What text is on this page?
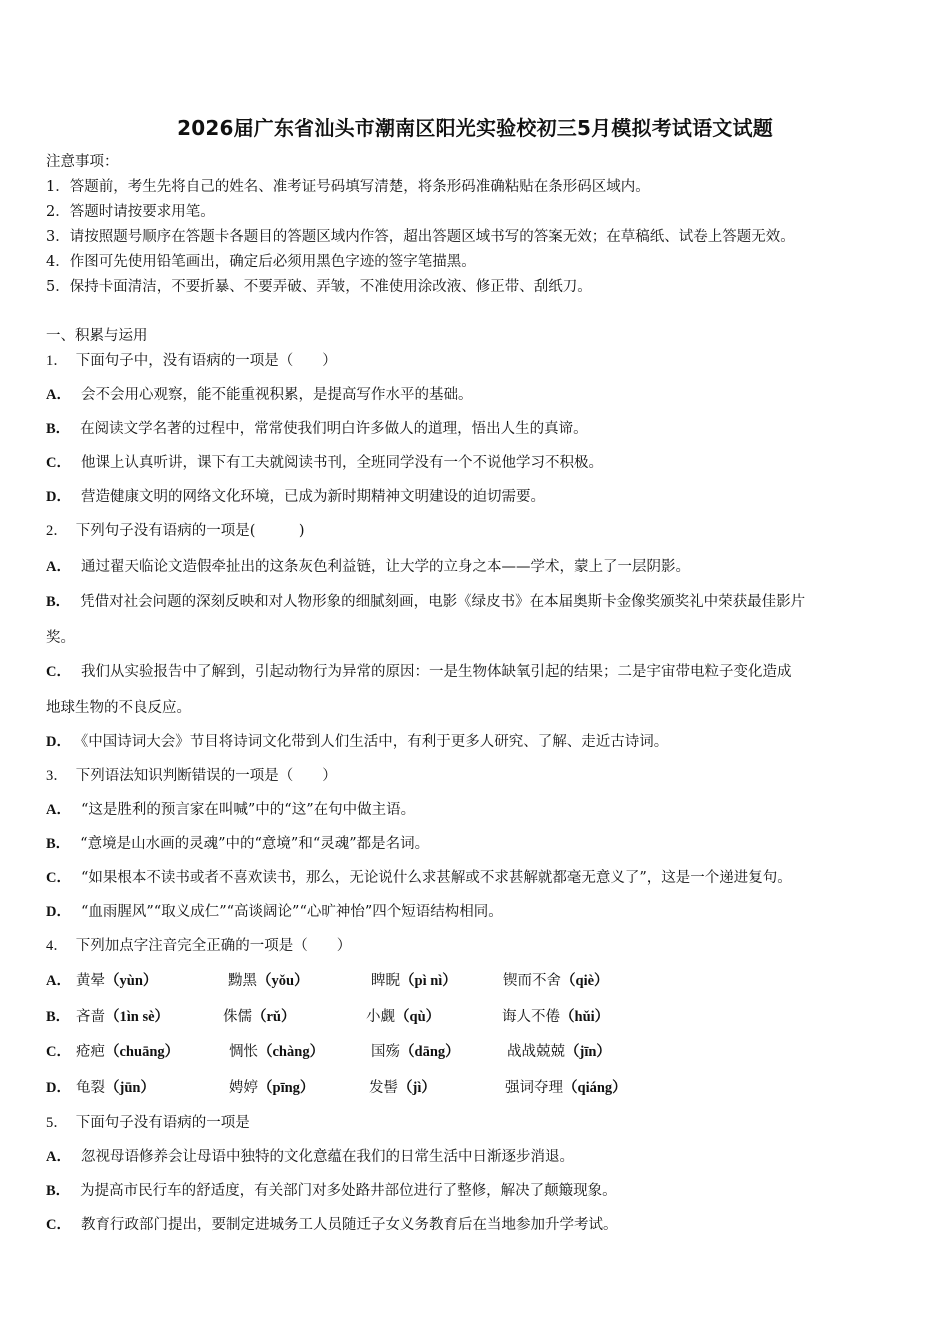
2026届广东省汕头市潮南区阳光实验校初三5月模拟考试语文试题
注意事项：
1．答题前，考生先将自己的姓名、准考证号码填写清楚，将条形码准确粘贴在条形码区域内。
2．答题时请按要求用笔。
3．请按照题号顺序在答题卡各题目的答题区域内作答，超出答题区域书写的答案无效；在草稿纸、试卷上答题无效。
4．作图可先使用铅笔画出，确定后必须用黑色字迹的签字笔描黑。
5．保持卡面清洁，不要折暴、不要弄破、弄皱，不准使用涂改液、修正带、刮纸刀。
一、积累与运用
1． 下面句子中，没有语病的一项是（　　）
A． 会不会用心观察，能不能重视积累，是提高写作水平的基础。
B． 在阅读文学名著的过程中，常常使我们明白许多做人的道理，悟出人生的真谛。
C． 他课上认真听讲，课下有工夫就阅读书刊，全班同学没有一个不说他学习不积极。
D． 营造健康文明的网络文化环境，已成为新时期精神文明建设的迫切需要。
2． 下列句子没有语病的一项是(　　　)
A． 通过翟天临论文造假牵扯出的这条灰色利益链，让大学的立身之本——学术，蒙上了一层阴影。
B． 凭借对社会问题的深刻反映和对人物形象的细腻刻画，电影《绿皮书》在本届奥斯卡金像奖颁奖礼中荣获最佳影片
奖。
C． 我们从实验报告中了解到，引起动物行为异常的原因：一是生物体缺氧引起的结果；二是宇宙带电粒子变化造成
地球生物的不良反应。
D． 《中国诗词大会》节目将诗词文化带到人们生活中，有利于更多人研究、了解、走近古诗词。
3． 下列语法知识判断错误的一项是（　　）
A． “这是胜利的预言家在叫喊”中的“这”在句中做主语。
B． “意境是山水画的灵魂”中的“意境”和“灵魂”都是名词。
C． “如果根本不读书或者不喜欢读书，那么，无论说什么求甚解或不求甚解就都毫无意义了”，这是一个递进复句。
D． “血雨腥风”“取义成仁”“高谈阔论”“心旷神怡”四个短语结构相同。
4． 下列加点字注音完全正确的一项是（　　）
A． 黄晕（yùn）	黝黑（yǒu）	睥睨（pì nì）	锲而不舍（qiè）
B． 吝啬（1ìn sè）	侏儒（rǔ）	小觑（qù）	诲人不倦（hǔi）
C． 疮疤（chuāng）	惆怅（chàng）	国殇（dāng）	战战兢兢（jīn）
D． 龟裂（jūn）	娉婷（pīng）	发髻（jì）	强词夺理（qiáng）
5． 下面句子没有语病的一项是
A． 忽视母语修养会让母语中独特的文化意蕴在我们的日常生活中日渐逐步消退。
B． 为提高市民行车的舒适度，有关部门对多处路井部位进行了整修，解决了颠簸现象。
C． 教育行政部门提出，要制定进城务工人员随迁子女义务教育后在当地参加升学考试。
